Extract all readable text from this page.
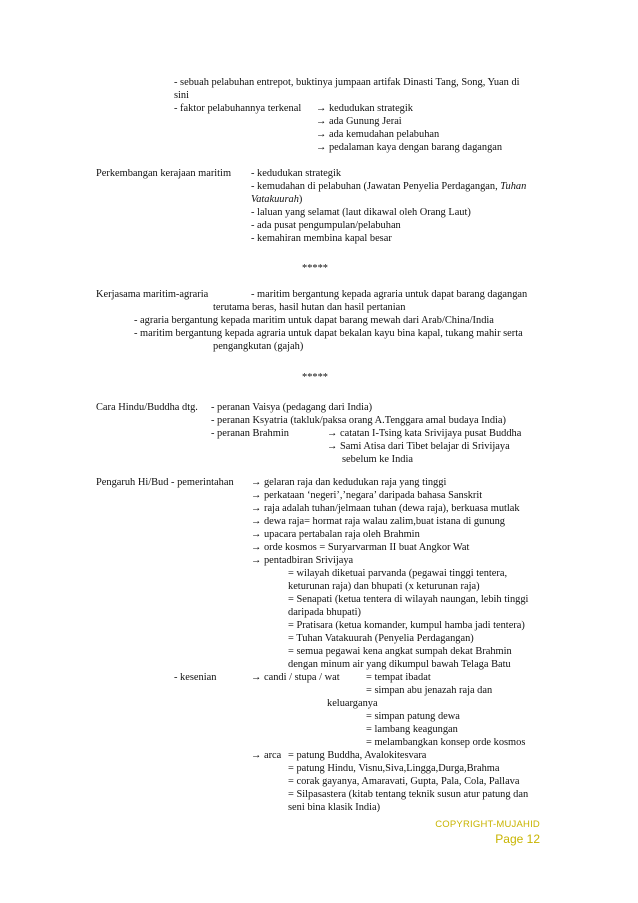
- sebuah pelabuhan entrepot, buktinya jumpaan artifak Dinasti Tang, Song, Yuan di
sini
- faktor pelabuhannya terkenal → kedudukan strategik
→ ada Gunung Jerai
→ ada kemudahan pelabuhan
→ pedalaman kaya dengan barang dagangan
Perkembangan kerajaan maritim - kedudukan strategik
- kemudahan di pelabuhan (Jawatan Penyelia Perdagangan, Tuhan
Vatakuurah)
- laluan yang selamat (laut dikawal oleh Orang Laut)
- ada pusat pengumpulan/pelabuhan
- kemahiran membina kapal besar
*****
Kerjasama maritim-agraria	- maritim bergantung kepada agraria untuk dapat barang dagangan
terutama beras, hasil hutan dan hasil pertanian
- agraria bergantung kepada maritim untuk dapat barang mewah dari Arab/China/India
- maritim bergantung kepada agraria untuk dapat bekalan kayu bina kapal, tukang mahir serta
pengangkutan (gajah)
*****
Cara Hindu/Buddha dtg. - peranan Vaisya (pedagang dari India)
- peranan Ksyatria (takluk/paksa orang A.Tenggara amal budaya India)
- peranan Brahmin	→ catatan I-Tsing kata Srivijaya pusat Buddha
→ Sami Atisa dari Tibet belajar di Srivijaya
sebelum ke India
Pengaruh Hi/Bud - pemerintahan → gelaran raja dan kedudukan raja yang tinggi
→ perkataan ‘negeri’,’negara’ daripada bahasa Sanskrit
→ raja adalah tuhan/jelmaan tuhan (dewa raja), berkuasa mutlak
→ dewa raja= hormat raja walau zalim,buat istana di gunung
→ upacara pertabalan raja oleh Brahmin
→ orde kosmos = Suryarvarman II buat Angkor Wat
→ pentadbiran Srivijaya
= wilayah diketuai parvanda (pegawai tinggi tentera,
keturunan raja) dan bhupati (x keturunan raja)
= Senapati (ketua tentera di wilayah naungan, lebih tinggi
daripada bhupati)
= Pratisara (ketua komander, kumpul hamba jadi tentera)
= Tuhan Vatakuurah (Penyelia Perdagangan)
= semua pegawai kena angkat sumpah dekat Brahmin
dengan minum air yang dikumpul bawah Telaga Batu
- kesenian	→ candi / stupa / wat	= tempat ibadat
= simpan abu jenazah raja dan
keluarganya
= simpan patung dewa
= lambang keagungan
= melambangkan konsep orde kosmos
→ arca = patung Buddha, Avalokitesvara
= patung Hindu, Visnu,Siva,Lingga,Durga,Brahma
= corak gayanya, Amaravati, Gupta, Pala, Cola, Pallava
= Silpasastera (kitab tentang teknik susun atur patung dan
seni bina klasik India)
COPYRIGHT-MUJAHID
Page 12
